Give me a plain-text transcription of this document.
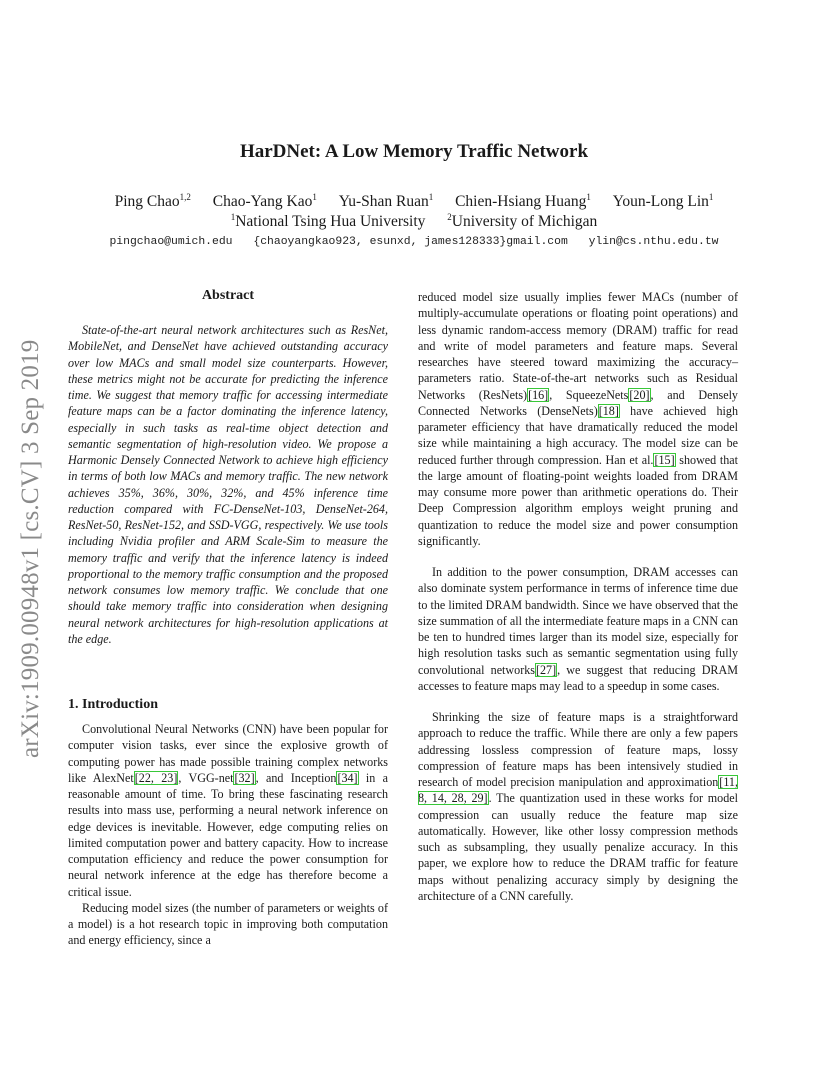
arXiv:1909.00948v1 [cs.CV] 3 Sep 2019
HarDNet: A Low Memory Traffic Network
Ping Chao$^{1,2}$ Chao-Yang Kao$^1$ Yu-Shan Ruan$^1$ Chien-Hsiang Huang$^1$ Youn-Long Lin$^1$
$^1$National Tsing Hua University $^2$University of Michigan
pingchao@umich.edu {chaoyangkao923, esunxd, james128333}gmail.com ylin@cs.nthu.edu.tw
Abstract

State-of-the-art neural network architectures such as ResNet, MobileNet, and DenseNet have achieved outstanding accuracy over low MACs and small model size counterparts. However, these metrics might not be accurate for predicting the inference time. We suggest that memory traffic for accessing intermediate feature maps can be a factor dominating the inference latency, especially in such tasks as real-time object detection and semantic segmentation of high-resolution video. We propose a Harmonic Densely Connected Network to achieve high efficiency in terms of both low MACs and memory traffic. The new network achieves 35%, 36%, 30%, 32%, and 45% inference time reduction compared with FC-DenseNet-103, DenseNet-264, ResNet-50, ResNet-152, and SSD-VGG, respectively. We use tools including Nvidia profiler and ARM Scale-Sim to measure the memory traffic and verify that the inference latency is indeed proportional to the memory traffic consumption and the proposed network consumes low memory traffic. We conclude that one should take memory traffic into consideration when designing neural network architectures for high-resolution applications at the edge.

1. Introduction

Convolutional Neural Networks (CNN) have been popular for computer vision tasks, ever since the explosive growth of computing power has made possible training complex networks like AlexNet[22, 23], VGG-net[32], and Inception[34] in a reasonable amount of time. To bring these fascinating research results into mass use, performing a neural network inference on edge devices is inevitable. However, edge computing relies on limited computation power and battery capacity. How to increase computation efficiency and reduce the power consumption for neural network inference at the edge has therefore become a critical issue.

Reducing model sizes (the number of parameters or weights of a model) is a hot research topic in improving both computation and energy efficiency, since a

reduced model size usually implies fewer MACs (number of multiply-accumulate operations or floating point operations) and less dynamic random-access memory (DRAM) traffic for read and write of model parameters and feature maps. Several researches have steered toward maximizing the accuracy–parameters ratio. State-of-the-art networks such as Residual Networks (ResNets)[16], SqueezeNets[20], and Densely Connected Networks (DenseNets)[18] have achieved high parameter efficiency that have dramatically reduced the model size while maintaining a high accuracy. The model size can be reduced further through compression. Han et al.[15] showed that the large amount of floating-point weights loaded from DRAM may consume more power than arithmetic operations do. Their Deep Compression algorithm employs weight pruning and quantization to reduce the model size and power consumption significantly.

In addition to the power consumption, DRAM accesses can also dominate system performance in terms of inference time due to the limited DRAM bandwidth. Since we have observed that the size summation of all the intermediate feature maps in a CNN can be ten to hundred times larger than its model size, especially for high resolution tasks such as semantic segmentation using fully convolutional networks[27], we suggest that reducing DRAM accesses to feature maps may lead to a speedup in some cases.

Shrinking the size of feature maps is a straightforward approach to reduce the traffic. While there are only a few papers addressing lossless compression of feature maps, lossy compression of feature maps has been intensively studied in research of model precision manipulation and approximation[11, 8, 14, 28, 29]. The quantization used in these works for model compression can usually reduce the feature map size automatically. However, like other lossy compression methods such as subsampling, they usually penalize accuracy. In this paper, we explore how to reduce the DRAM traffic for feature maps without penalizing accuracy simply by designing the architecture of a CNN carefully.
